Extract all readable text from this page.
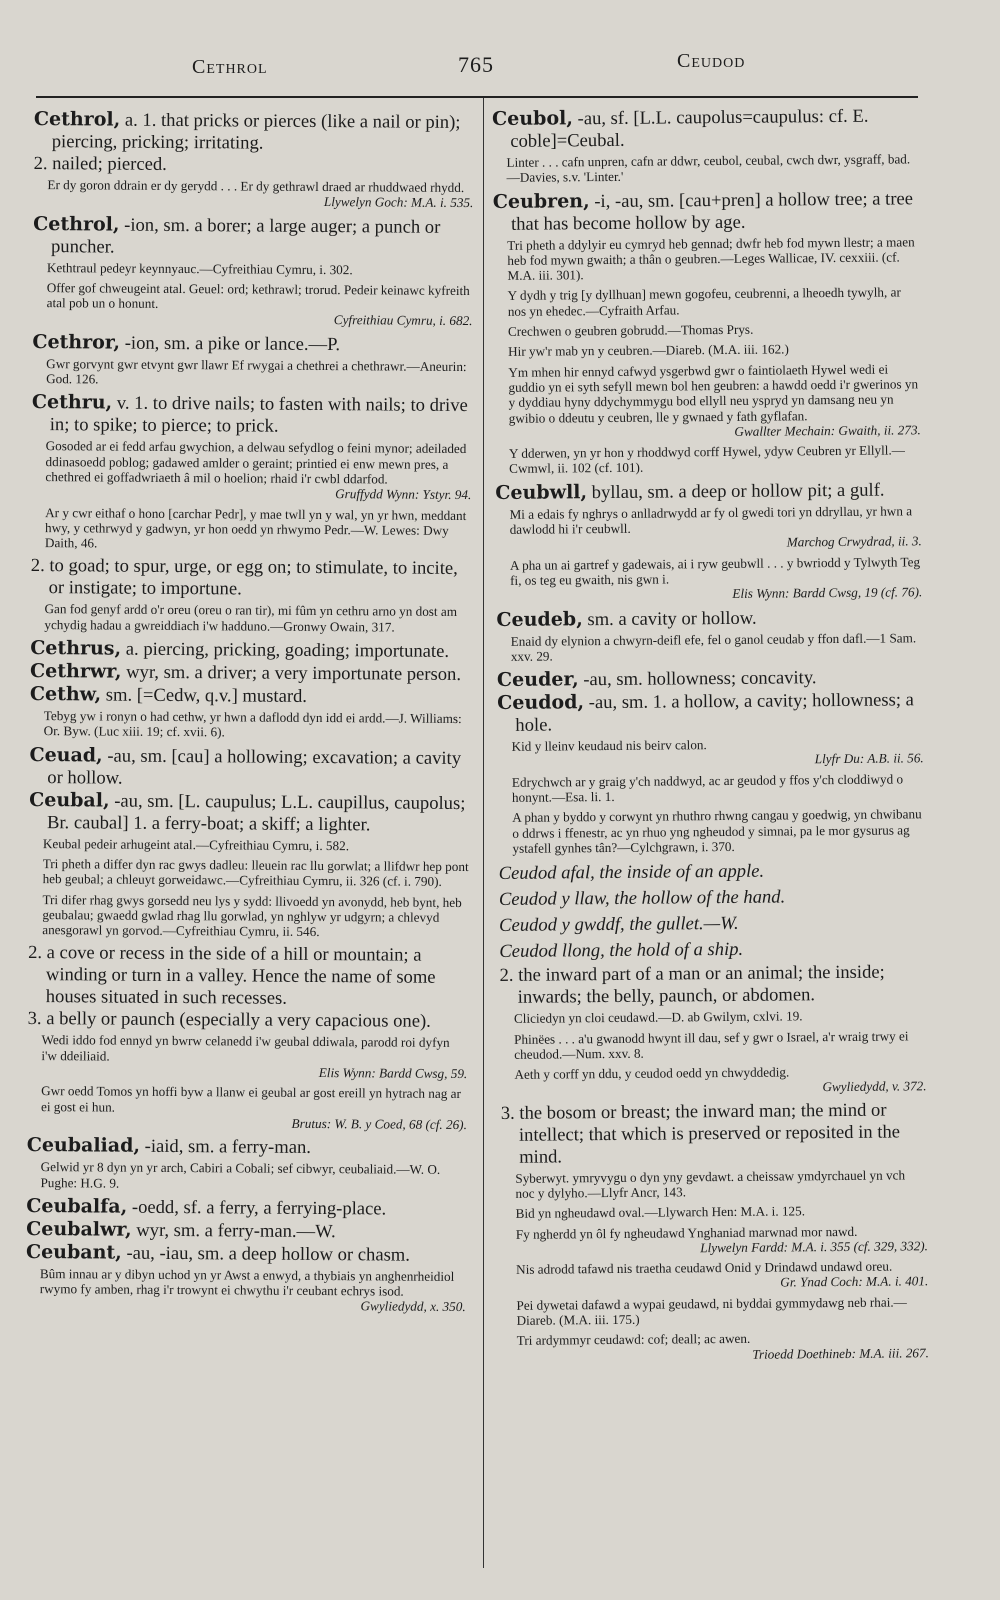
Cethrol	765	Ceudod

Cethrol, a. 1. that pricks or pierces (like a nail or pin); piercing, pricking; irritating.

2. nailed; pierced.

Er dy goron ddrain er dy gerydd . . . Er dy gethrawl draed ar rhuddwaed rhydd.
Llywelyn Goch: M.A. i. 535.

Cethrol, -ion, sm. a borer; a large auger; a punch or puncher.

Kethtraul pedeyr keynnyauc.—Cyfreithiau Cymru, i. 302.
Offer gof chweugeint atal. Geuel: ord; kethrawl; trorud. Pedeir keinawc kyfreith atal pob un o honunt.
Cyfreithiau Cymru, i. 682.

Cethror, -ion, sm. a pike or lance.—P.

Gwr gorvynt gwr etvynt gwr llawr Ef rwygai a chethrei a chethrawr.—Aneurin: God. 126.

Cethru, v. 1. to drive nails; to fasten with nails; to drive in; to spike; to pierce; to prick.

Gosoded ar ei fedd arfau gwychion, a delwau sefydlog o feini mynor; adeiladed ddinasoedd poblog; gadawed amlder o geraint; printied ei enw mewn pres, a chethred ei goffadwriaeth â mil o hoelion; rhaid i'r cwbl ddarfod.
Gruffydd Wynn: Ystyr. 94.
Ar y cwr eithaf o hono [carchar Pedr], y mae twll yn y wal, yn yr hwn, meddant hwy, y cethrwyd y gadwyn, yr hon oedd yn rhwymo Pedr.—W. Lewes: Dwy Daith, 46.

2. to goad; to spur, urge, or egg on; to stimulate, to incite, or instigate; to importune.

Gan fod genyf ardd o'r oreu (oreu o ran tir), mi fûm yn cethru arno yn dost am ychydig hadau a gwreiddiach i'w hadduno.—Gronwy Owain, 317.

Cethrus, a. piercing, pricking, goading; importunate.

Cethrwr, wyr, sm. a driver; a very importunate person.

Cethw, sm. [=Cedw, q.v.] mustard.

Tebyg yw i ronyn o had cethw, yr hwn a daflodd dyn idd ei ardd.—J. Williams: Or. Byw. (Luc xiii. 19; cf. xvii. 6).

Ceuad, -au, sm. [cau] a hollowing; excavation; a cavity or hollow.

Ceubal, -au, sm. [L. caupulus; L.L. caupillus, caupolus; Br. caubal] 1. a ferry-boat; a skiff; a lighter.

Keubal pedeir arhugeint atal.—Cyfreithiau Cymru, i. 582.
Tri pheth a differ dyn rac gwys dadleu: lleuein rac llu gorwlat; a llifdwr hep pont heb geubal; a chleuyt gorweidawc.—Cyfreithiau Cymru, ii. 326 (cf. i. 790).
Tri difer rhag gwys gorsedd neu lys y sydd: llivoedd yn avonydd, heb bynt, heb geubalau; gwaedd gwlad rhag llu gorwlad, yn nghlyw yr udgyrn; a chlevyd anesgorawl yn gorvod.—Cyfreithiau Cymru, ii. 546.

2. a cove or recess in the side of a hill or mountain; a winding or turn in a valley. Hence the name of some houses situated in such recesses.

3. a belly or paunch (especially a very capacious one).

Wedi iddo fod ennyd yn bwrw celanedd i'w geubal ddiwala, parodd roi dyfyn i'w ddeiliaid.
Elis Wynn: Bardd Cwsg, 59.
Gwr oedd Tomos yn hoffi byw a llanw ei geubal ar gost ereill yn hytrach nag ar ei gost ei hun.
Brutus: W. B. y Coed, 68 (cf. 26).

Ceubaliad, -iaid, sm. a ferry-man.

Gelwid yr 8 dyn yn yr arch, Cabiri a Cobali; sef cibwyr, ceubaliaid.—W. O. Pughe: H.G. 9.

Ceubalfa, -oedd, sf. a ferry, a ferrying-place.

Ceubalwr, wyr, sm. a ferry-man.—W.

Ceubant, -au, -iau, sm. a deep hollow or chasm.

Bûm innau ar y dibyn uchod yn yr Awst a enwyd, a thybiais yn anghenrheidiol rwymo fy amben, rhag i'r trowynt ei chwythu i'r ceubant echrys isod.
Gwyliedydd, x. 350.

Ceubol, -au, sf. [L.L. caupolus=caupulus: cf. E. coble]=Ceubal.

Linter . . . cafn unpren, cafn ar ddwr, ceubol, ceubal, cwch dwr, ysgraff, bad.—Davies, s.v. 'Linter.'

Ceubren, -i, -au, sm. [cau+pren] a hollow tree; a tree that has become hollow by age.

Tri pheth a ddylyir eu cymryd heb gennad; dwfr heb fod mywn llestr; a maen heb fod mywn gwaith; a thân o geubren.—Leges Wallicae, IV. cexxiii. (cf. M.A. iii. 301).
Y dydh y trig [y dyllhuan] mewn gogofeu, ceubrenni, a lheoedh tywylh, ar nos yn ehedec.—Cyfraith Arfau.
Crechwen o geubren gobrudd.—Thomas Prys.
Hir yw'r mab yn y ceubren.—Diareb. (M.A. iii. 162.)
Ym mhen hir ennyd cafwyd ysgerbwd gwr o faintiolaeth Hywel wedi ei guddio yn ei syth sefyll mewn bol hen geubren: a hawdd oedd i'r gwerinos yn y dyddiau hyny ddychymmygu bod ellyll neu yspryd yn damsang neu yn gwibio o ddeutu y ceubren, lle y gwnaed y fath gyflafan.
Gwallter Mechain: Gwaith, ii. 273.
Y dderwen, yn yr hon y rhoddwyd corff Hywel, ydyw Ceubren yr Ellyll.—Cwmwl, ii. 102 (cf. 101).

Ceubwll, byllau, sm. a deep or hollow pit; a gulf.

Mi a edais fy nghrys o anlladrwydd ar fy ol gwedi tori yn ddryllau, yr hwn a dawlodd hi i'r ceubwll.
Marchog Crwydrad, ii. 3.
A pha un ai gartref y gadewais, ai i ryw geubwll . . . y bwriodd y Tylwyth Teg fi, os teg eu gwaith, nis gwn i.
Elis Wynn: Bardd Cwsg, 19 (cf. 76).

Ceudeb, sm. a cavity or hollow.

Enaid dy elynion a chwyrn-deifl efe, fel o ganol ceudab y ffon dafl.—1 Sam. xxv. 29.

Ceuder, -au, sm. hollowness; concavity.

Ceudod, -au, sm. 1. a hollow, a cavity; hollowness; a hole.

Kid y lleinv keudaud nis beirv calon.
Llyfr Du: A.B. ii. 56.
Edrychwch ar y graig y'ch naddwyd, ac ar geudod y ffos y'ch cloddiwyd o honynt.—Esa. li. 1.
A phan y byddo y corwynt yn rhuthro rhwng cangau y goedwig, yn chwibanu o ddrws i ffenestr, ac yn rhuo yng ngheudod y simnai, pa le mor gysurus ag ystafell gynhes tân?—Cylchgrawn, i. 370.

Ceudod afal, the inside of an apple.

Ceudod y llaw, the hollow of the hand.

Ceudod y gwddf, the gullet.—W.

Ceudod llong, the hold of a ship.

2. the inward part of a man or an animal; the inside; inwards; the belly, paunch, or abdomen.

Cliciedyn yn cloi ceudawd.—D. ab Gwilym, cxlvi. 19.
Phinëes . . . a'u gwanodd hwynt ill dau, sef y gwr o Israel, a'r wraig trwy ei cheudod.—Num. xxv. 8.
Aeth y corff yn ddu, y ceudod oedd yn chwyddedig.
Gwyliedydd, v. 372.

3. the bosom or breast; the inward man; the mind or intellect; that which is preserved or reposited in the mind.

Syberwyt. ymryvygu o dyn yny gevdawt. a cheissaw ymdyrchauel yn vch noc y dylyho.—Llyfr Ancr, 143.
Bid yn ngheudawd oval.—Llywarch Hen: M.A. i. 125.
Fy ngherdd yn ôl fy ngheudawd Ynghaniad marwnad mor nawd.
Llywelyn Fardd: M.A. i. 355 (cf. 329, 332).
Nis adrodd tafawd nis traetha ceudawd Onid y Drindawd undawd oreu.
Gr. Ynad Coch: M.A. i. 401.
Pei dywetai dafawd a wypai geudawd, ni byddai gymmydawg neb rhai.—Diareb. (M.A. iii. 175.)
Tri ardymmyr ceudawd: cof; deall; ac awen.
Trioedd Doethineb: M.A. iii. 267.
